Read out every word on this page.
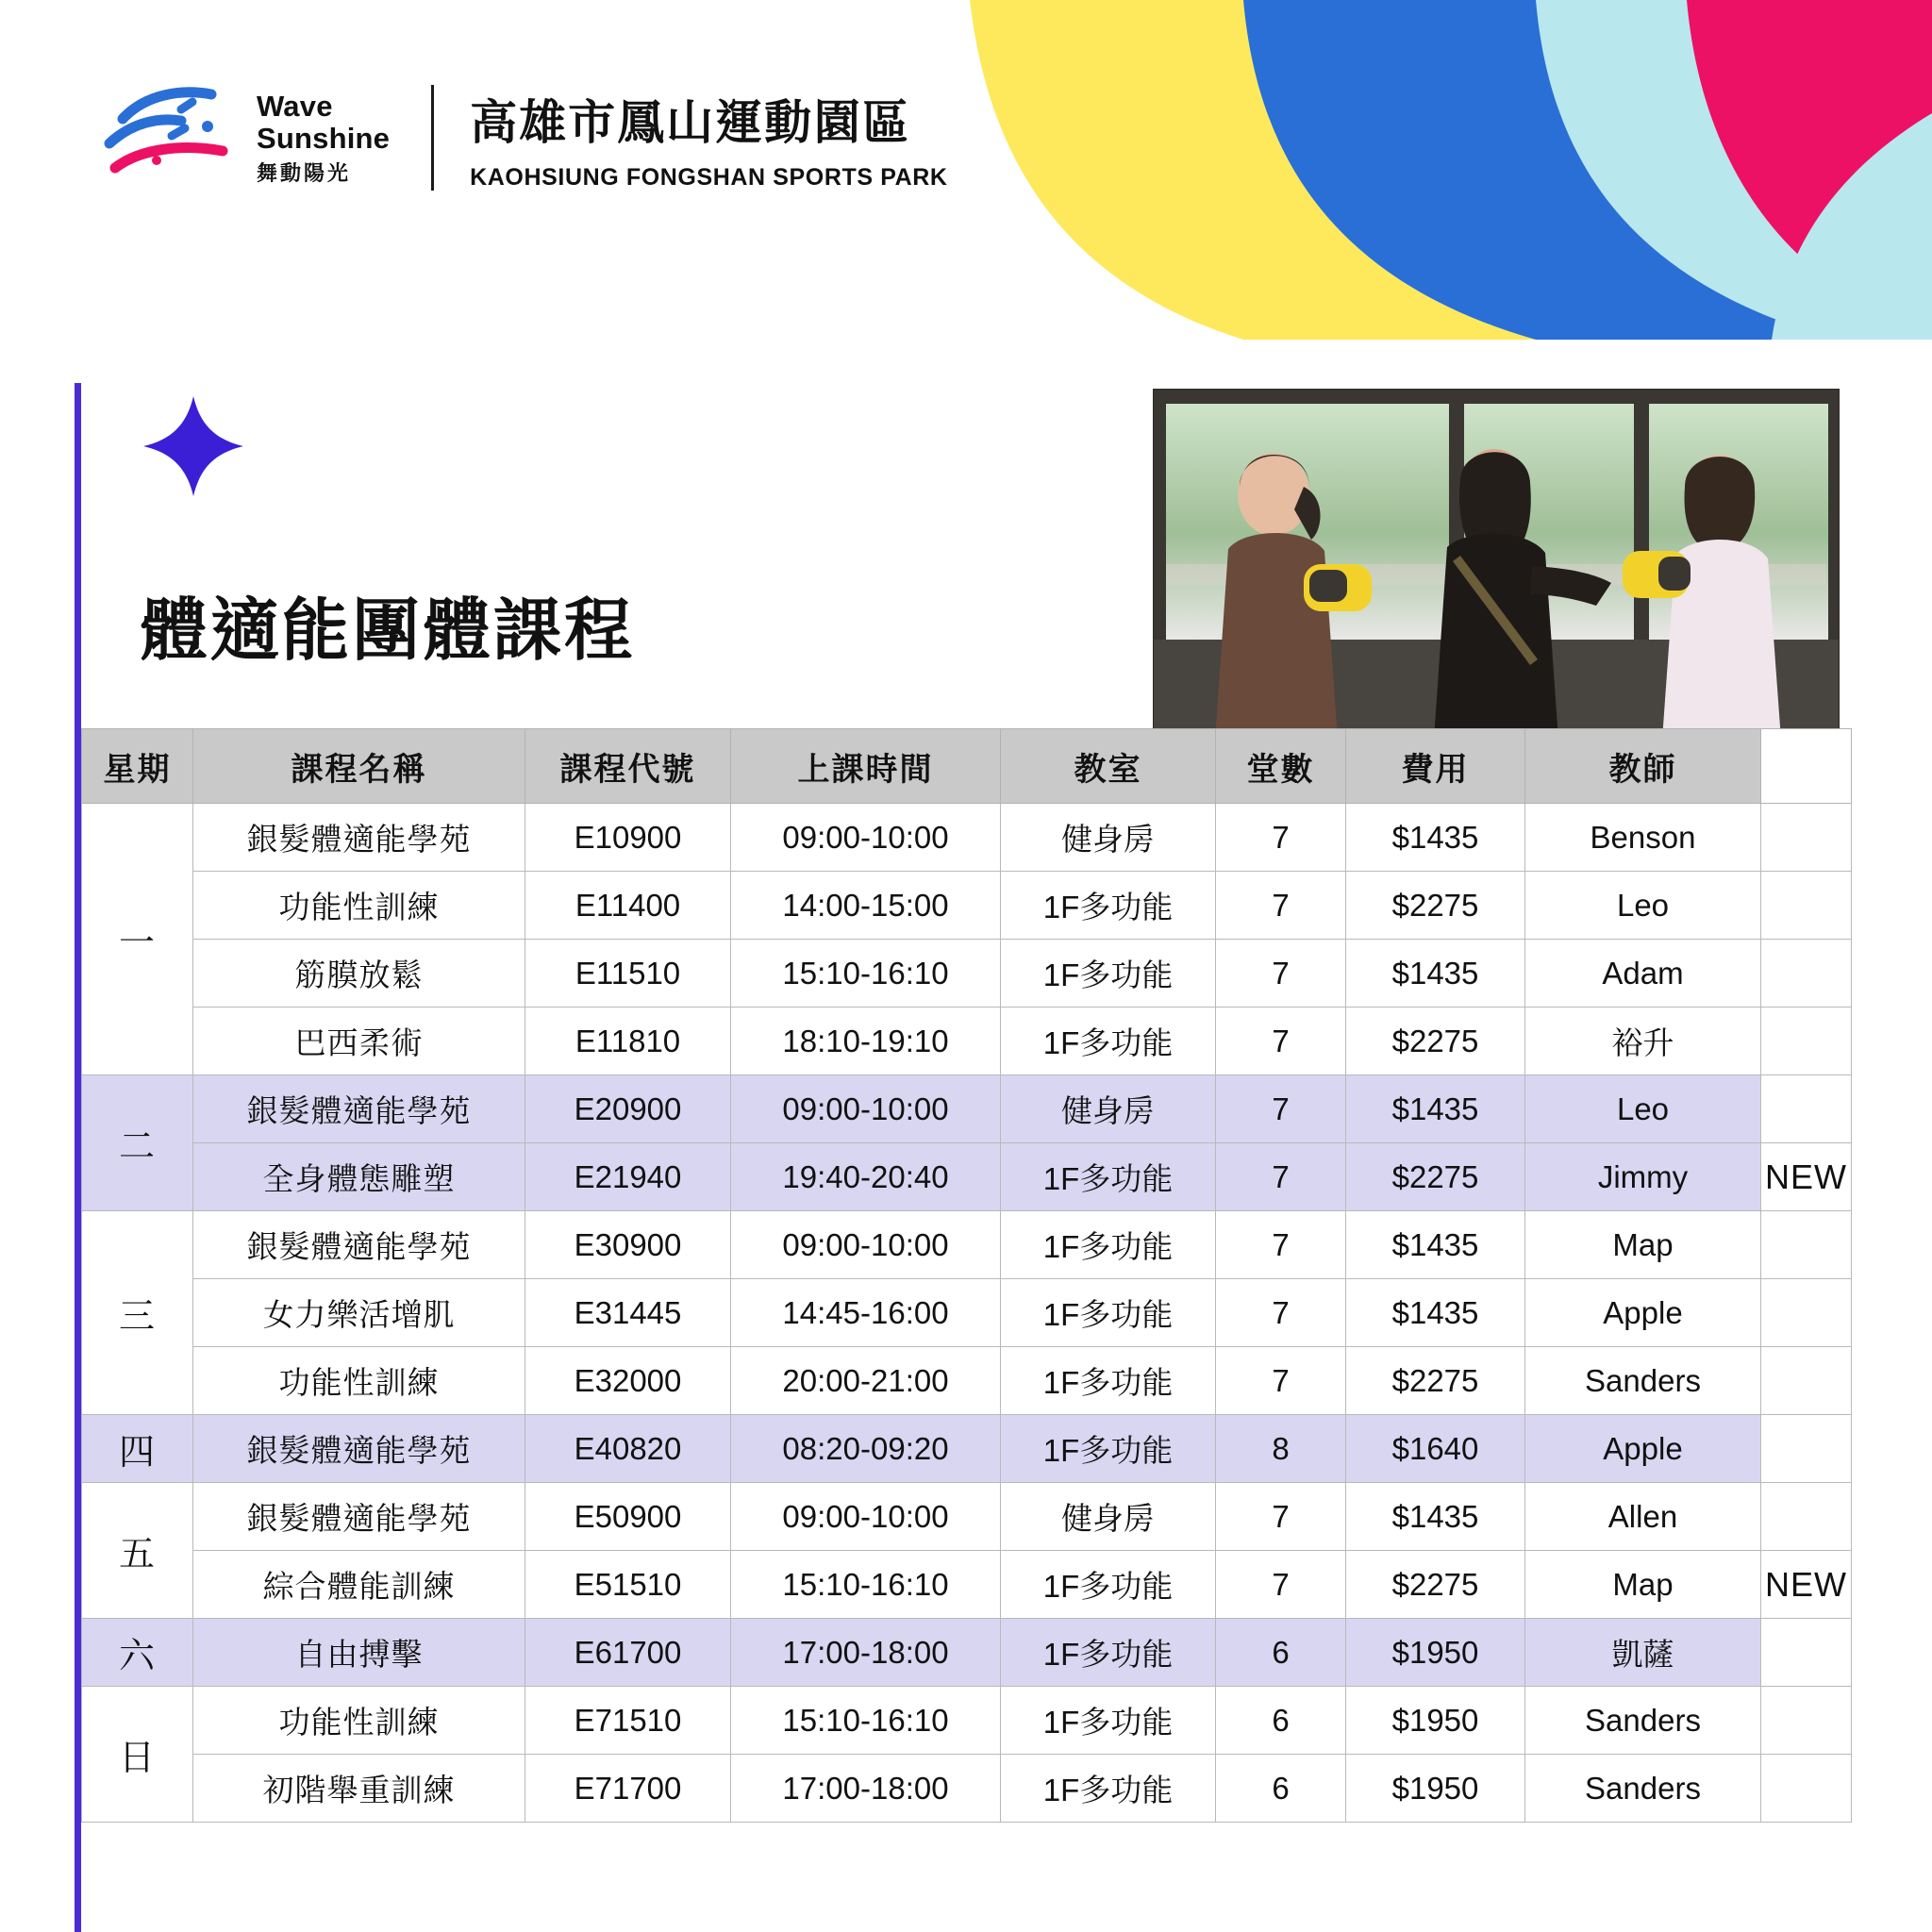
Wave
Sunshine
舞動陽光
高雄市鳳山運動園區
KAOHSIUNG FONGSHAN SPORTS PARK
體適能團體課程
星期	課程名稱	課程代號	上課時間	教室	堂數	費用	教師	
一	銀髮體適能學苑	E10900	09:00-10:00	健身房	7	$1435	Benson	
	功能性訓練	E11400	14:00-15:00	1F多功能	7	$2275	Leo	
	筋膜放鬆	E11510	15:10-16:10	1F多功能	7	$1435	Adam	
	巴西柔術	E11810	18:10-19:10	1F多功能	7	$2275	裕升	
二	銀髮體適能學苑	E20900	09:00-10:00	健身房	7	$1435	Leo	
	全身體態雕塑	E21940	19:40-20:40	1F多功能	7	$2275	Jimmy	NEW
三	銀髮體適能學苑	E30900	09:00-10:00	1F多功能	7	$1435	Map	
	女力樂活增肌	E31445	14:45-16:00	1F多功能	7	$1435	Apple	
	功能性訓練	E32000	20:00-21:00	1F多功能	7	$2275	Sanders	
四	銀髮體適能學苑	E40820	08:20-09:20	1F多功能	8	$1640	Apple	
五	銀髮體適能學苑	E50900	09:00-10:00	健身房	7	$1435	Allen	
	綜合體能訓練	E51510	15:10-16:10	1F多功能	7	$2275	Map	NEW
六	自由搏擊	E61700	17:00-18:00	1F多功能	6	$1950	凱薩	
日	功能性訓練	E71510	15:10-16:10	1F多功能	6	$1950	Sanders	
	初階舉重訓練	E71700	17:00-18:00	1F多功能	6	$1950	Sanders	
